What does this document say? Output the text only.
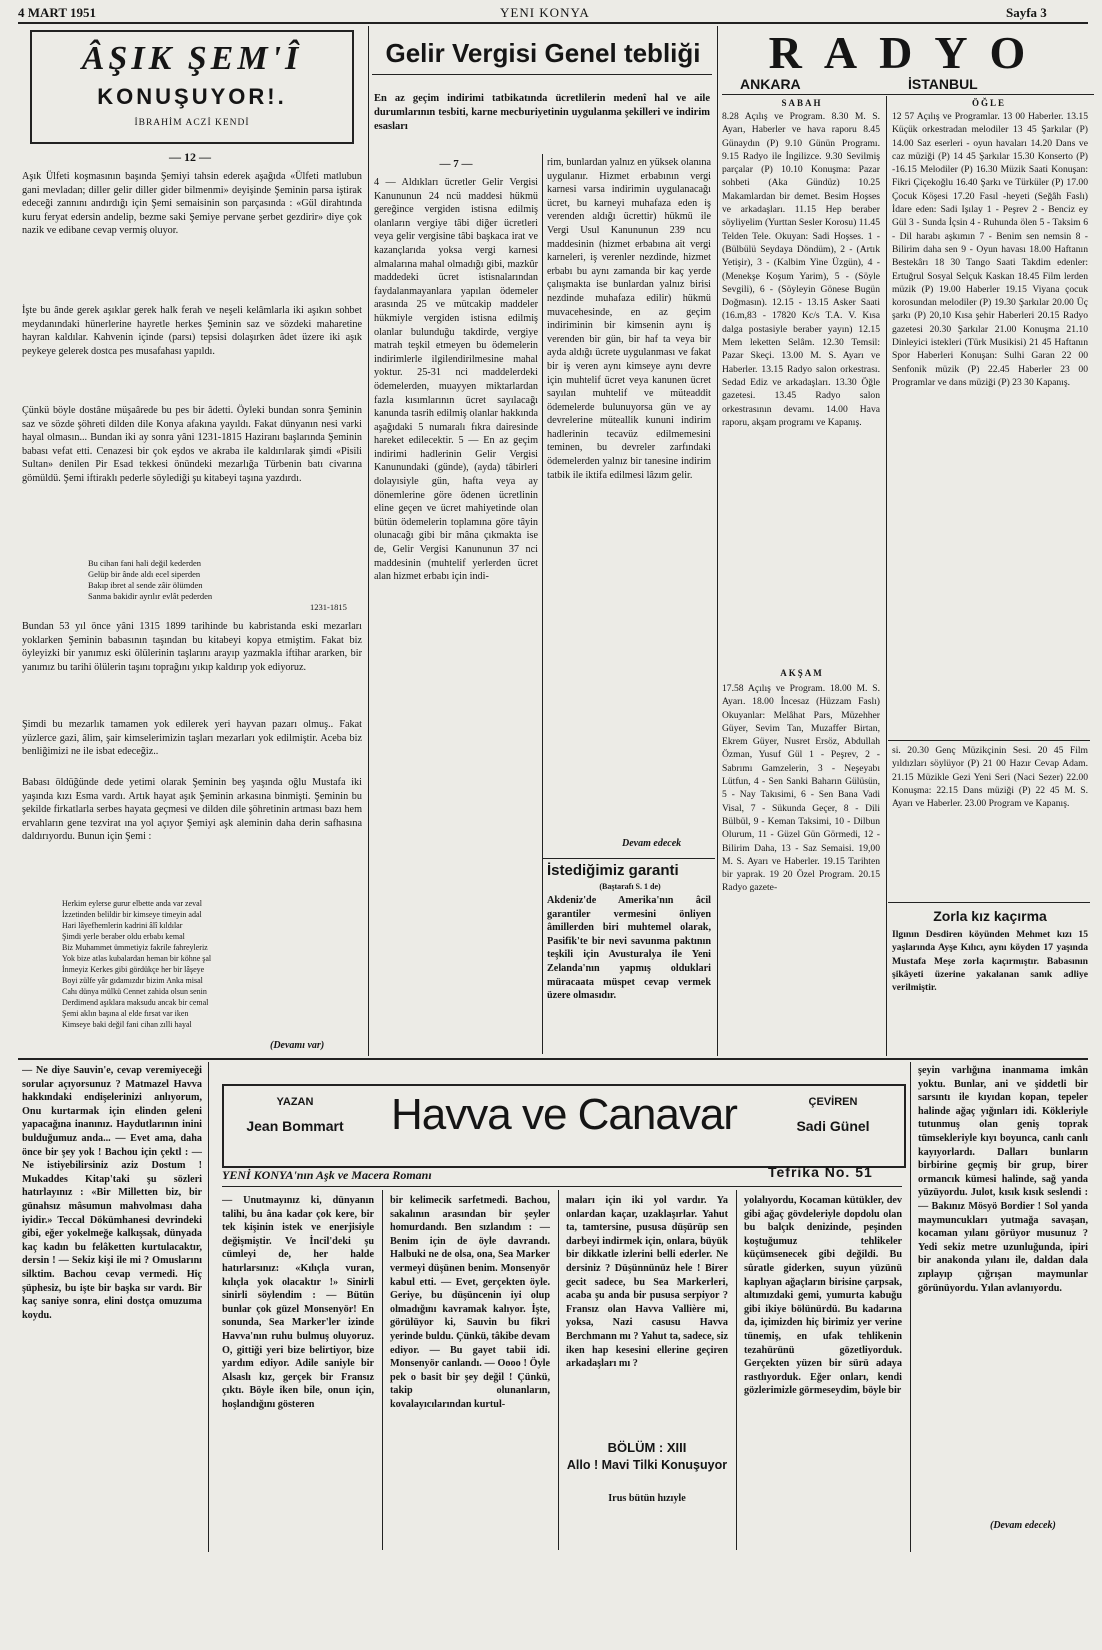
4 MART 1951	YENI KONYA	Sayfa 3
ÂŞIK ŞEM'Î
KONUŞUYOR!.
İBRAHİM ACZİ KENDİ
— 12 —
Aşık Ülfeti koşmasının başında Şemiyi tahsin ederek aşağıda «Ülfeti matlubun gani mevladan; diller gelir diller gider bilmenmi» deyişinde Şeminin parsa iştirak edeceği zannını andırdığı için Şemi semaisinin son parçasında : «Gül dirahtında kuru feryat edersin andelip, bezme saki Şemiye pervane şerbet gezdirir» diye çok nazik ve edibane cevap vermiş oluyor.
İşte bu ânde gerek aşıklar gerek halk ferah ve neşeli kelâmlarla iki aşıkın sohbet meydanındaki hünerlerine hayretle herkes Şeminin saz ve sözdeki maharetine hayran kaldılar. Kahvenin içinde (parsı) tepsisi dolaşırken âdet üzere iki aşık peykeye gelerek dostca pes musafahası yapıldı.
Çünkü böyle dostâne müşaârede bu pes bir âdetti. Öyleki bundan sonra Şeminin saz ve sözde şöhreti dilden dile Konya afakına yayıldı. Fakat dünyanın nesi varki hayal olmasın... Bundan iki ay sonra yâni 1231-1815 Haziranı başlarında Şeminin babası vefat etti. Cenazesi bir çok eşdos ve akraba ile kaldırılarak şimdi «Pisili Sultan» denilen Pir Esad tekkesi önündeki mezarlığa Türbenin batı civarına gömüldü. Şemi iftiraklı pederle söylediği şu kitabeyi taşına yazdırdı.
Bu cihan fani hali değil kederden
Gelüp bir ânde aldı ecel siperden
Bakıp ibret al sende zâir ölümden
Sanma bakidir ayrılır evlât pederden
1231-1815
Bundan 53 yıl önce yâni 1315 1899 tarihinde bu kabristanda eski mezarları yoklarken Şeminin babasının taşından bu kitabeyi kopya etmiştim. Fakat biz öyleyizki bir yanımız eski ölülerinin taşlarını arayıp yazmakla iftihar ararken, bir yanımız bu tarihi ölülerin taşını toprağını yıkıp kaldırıp yok ediyoruz.
Şimdi bu mezarlık tamamen yok edilerek yeri hayvan pazarı olmuş.. Fakat yüzlerce gazi, âlim, şair kimselerimizin taşları mezarları yok edilmiştir. Aceba biz benliğimizi ne ile isbat edeceğiz..
Babası öldüğünde dede yetimi olarak Şeminin beş yaşında oğlu Mustafa iki yaşında kızı Esma vardı. Artık hayat aşık Şeminin arkasına binmişti. Şeminin bu şekilde firkatlarla serbes hayata geçmesi ve dilden dile şöhretinin artması bazı hem ervahların gene tezvirat ına yol açıyor Şemiyi aşk aleminin daha derin safhasına daldırıyordu. Bunun için Şemi :
Herkim eylerse gurur elbette anda var zeval
İzzetinden belildir bir kimseye timeyin adal
Hari lâyefhemlerin kadrini âlî kıldılar
Şimdi yerle beraber oldu erbabı kemal
Biz Muhammet ümmetiyiz fakrile fahreyleriz
Yok bize atlas kubalardan heman bir köhne şal
İnmeyiz Kerkes gibi gördükçe her bir lâşeye
Boyi zülfe yâr gıdamızdır bizim Anka misal
Cahı dünya mülkü Cennet zahida olsun senin
Derdimend aşıklara maksudu ancak bir cemal
Şemi aklın başına al elde fırsat var iken
Kimseye baki değil fani cihan zılli hayal
(Devamı var)
Gelir Vergisi Genel tebliği
En az geçim indirimi tatbikatında ücretlilerin medenî hal ve aile durumlarının tesbiti, karne mecburiyetinin uygulanma şekilleri ve indirim esasları
— 7 —
4 — Aldıkları ücretler Gelir Vergisi Kanununun 24 ncü maddesi hükmü gereğince vergiden istisna edilmiş olanların vergiye tâbi diğer ücretleri veya gelir vergisine tâbi başkaca irat ve kazançlarıda yoksa vergi karnesi almalarına mahal olmadığı gibi, mazkûr maddedeki ücret istisnalarından faydalanmayanlara yapılan ödemeler arasında 25 ve mütcakip maddeler hükmiyle vergiden istisna edilmiş olanlar bulunduğu takdirde, vergiye matrah teşkil etmeyen bu ödemelerin indirimlerle ilgilendirilmesine mahal yoktur. 25-31 nci maddelerdeki ödemelerden, muayyen miktarlardan fazla kısımlarının ücret sayılacağı kanunda tasrih edilmiş olanlar hakkında aşağıdaki 5 numaralı fıkra dairesinde hareket edilecektir. 5 — En az geçim indirimi hadlerinin Gelir Vergisi Kanunundaki (günde), (ayda) tâbirleri dolayısiyle gün, hafta veya ay dönemlerine göre ödenen ücretlinin eline geçen ve ücret mahiyetinde olan bütün ödemelerin toplamına göre tâyin olunacağı gibi bir mâna çıkmakta ise de, Gelir Vergisi Kanununun 37 nci maddesinin (muhtelif yerlerden ücret alan hizmet erbabı için indi-
rim, bunlardan yalnız en yüksek olanına uygulanır. Hizmet erbabının vergi karnesi varsa indirimin uygulanacağı ücret, bu karneyi muhafaza eden iş verenden aldığı ücrettir) hükmü ile Vergi Usul Kanununun 239 ncu maddesinin (hizmet erbabına ait vergi karneleri, iş verenler nezdinde, hizmet erbabı bu aynı zamanda bir kaç yerde çalışmakta ise bunlardan yalnız birisi nezdinde muhafaza edilir) hükmü muvacehesinde, en az geçim indiriminin bir kimsenin aynı iş verenden bir gün, bir haf ta veya bir ayda aldığı ücrete uygulanması ve fakat bir iş veren aynı kimseye aynı devre için muhtelif ücret veya kanunen ücret sayılan muhtelif ve müteaddit ödemelerde bulunuyorsa gün ve ay devrelerine müteallik kununi indirim hadlerinin tecavüz edilmemesini teminen, bu devreler zarfındaki ödemelerden yalnız bir tanesine indirim tatbik ile iktifa edilmesi lâzım gelir.
Devam edecek
İstediğimiz garanti
(Baştarafı S. 1 de)
Akdeniz'de Amerika'nın âcil garantiler vermesini önliyen âmillerden biri muhtemel olarak, Pasifik'te bir nevi savunma paktının teşkili için Avusturalya ile Yeni Zelanda'nın yapmış olduklari müracaata müspet cevap vermek üzere olmasıdır.
RADYO
ANKARA	İSTANBUL
SABAH	ÖĞLE
8.28 Açılış ve Program. 8.30 M. S. Ayarı, Haberler ve hava raporu 8.45 Günaydın (P) 9.10 Günün Programı. 9.15 Radyo ile İngilizce. 9.30 Sevilmiş parçalar (P) 10.10 Konuşma: Pazar sohbeti (Aka Gündüz) 10.25 Makamlardan bir demet. Besim Hoşses ve arkadaşları. 11.15 Hep beraber söyliyelim (Yurttan Sesler Korosu) 11.45 Telden Tele. Okuyan: Sadi Hoşses. 1 - (Bülbülü Seydaya Döndüm), 2 - (Artık Yetişir), 3 - (Kalbim Yine Üzgün), 4 - (Menekşe Koşum Yarim), 5 - (Söyle Sevgili), 6 - (Söyleyin Gönese Bugün Doğmasın). 12.15 - 13.15 Asker Saati (16.m,83 - 17820 Kc/s T.A. V. Kısa dalga postasiyle beraber yayın) 12.15 Mem leketten Selâm. 12.30 Temsil: Pazar Skeçi. 13.00 M. S. Ayarı ve Haberler. 13.15 Radyo salon orkestrası. Sedad Ediz ve arkadaşları. 13.30 Öğle gazetesi. 13.45 Radyo salon orkestrasının devamı. 14.00 Hava raporu, akşam programı ve Kapanış.
AKŞAM
17.58 Açılış ve Program. 18.00 M. S. Ayarı. 18.00 İncesaz (Hüzzam Faslı) Okuyanlar: Melâhat Pars, Müzehher Güyer, Sevim Tan, Muzaffer Birtan, Ekrem Güyer, Nusret Ersöz, Abdullah Özman, Yusuf Gül 1 - Peşrev, 2 - Sabrımı Gamzelerin, 3 - Neşeyabı Lütfun, 4 - Sen Sanki Baharın Gülüsün, 5 - Nay Takısimi, 6 - Sen Bana Vadi Visal, 7 - Sükunda Geçer, 8 - Dili Bülbül, 9 - Keman Taksimi, 10 - Dilbun Olurum, 11 - Güzel Gün Görmedi, 12 - Bilirim Daha, 13 - Saz Semaisi. 19,00 M. S. Ayarı ve Haberler. 19.15 Tarihten bir yaprak. 19 20 Özel Program. 20.15 Radyo gazete-
12 57 Açılış ve Programlar. 13 00 Haberler. 13.15 Küçük orkestradan melodiler 13 45 Şarkılar (P) 14.00 Saz eserleri - oyun havaları 14.20 Dans ve caz müziği (P) 14 45 Şarkılar 15.30 Konserto (P) -16.15 Melodiler (P) 16.30 Müzik Saati Konuşan: Fikri Çiçekoğlu 16.40 Şarkı ve Türküler (P) 17.00 Çocuk Köşesi 17.20 Fasıl -heyeti (Seğâh Faslı) İdare eden: Sadi Işılay 1 - Peşrev 2 - Benciz ey Gül 3 - Sunda İçsin 4 - Ruhunda ölen 5 - Taksim 6 - Dil harabı aşkımın 7 - Benim sen nemsin 8 - Bilirim daha sen 9 - Oyun havası 18.00 Haftanın Bestekârı 18 30 Tango Saati Takdim edenler: Ertuğrul Sosyal Selçuk Kaskan 18.45 Film lerden müzik (P) 19.00 Haberler 19.15 Viyana çocuk korosundan melodiler (P) 19.30 Şarkılar 20.00 Üç şarkı (P) 20,10 Kısa şehir Haberleri 20.15 Radyo gazetesi 20.30 Şarkılar 21.00 Konuşma 21.10 Dinleyici istekleri (Türk Musikisi) 21 45 Haftanın Spor Haberleri Konuşan: Sulhi Garan 22 00 Senfonik müzik (P) 22.45 Haberler 23 00 Programlar ve dans müziği (P) 23 30 Kapanış.
si. 20.30 Genç Müzikçinin Sesi. 20 45 Film yıldızları söylüyor (P) 21 00 Hazır Cevap Adam. 21.15 Müzikle Gezi Yeni Seri (Naci Sezer) 22.00 Konuşma: 22.15 Dans müziği (P) 22 45 M. S. Ayarı ve Haberler. 23.00 Program ve Kapanış.
Zorla kız kaçırma
Ilgının Desdiren köyünden Mehmet kızı 15 yaşlarında Ayşe Kılıcı, aynı köyden 17 yaşında Mustafa Meşe zorla kaçırmıştır. Babasının şikâyeti üzerine yakalanan sanık adliye verilmiştir.
YAZAN
Jean Bommart	Havva ve Canavar	ÇEVİREN
Sadi Günel
YENİ KONYA'nın Aşk ve Macera Romanı	Tefrika No. 51
— Ne diye Sauvin'e, cevap veremiyeceği sorular açıyorsunuz ? Matmazel Havva hakkındaki endişelerinizi anlıyorum, Onu kurtarmak için elinden geleni yapacağına inanınız. Haydutlarının inini bulduğumuz anda... — Evet ama, daha önce bir şey yok ! Bachou için çektl : — Ne istiyebilirsiniz aziz Dostum ! Mukaddes Kitap'taki şu sözleri hatırlayınız : «Bir Milletten biz, bir günahsız mâsumun mahvolması daha iyidir.» Teccal Dökümhanesi devrindeki gibi, eğer yokelmeğe kalkışsak, dünyada kaç kadın bu felâketten kurtulacaktır, dersin ! — Sekiz kişi ile mi ? Omuslarını silktim. Bachou cevap vermedi. Hiç şüphesiz, bu işte bir başka sır vardı. Bir kaç saniye sonra, elini dostça omuzuma koydu.
— Unutmayınız ki, dünyanın talihi, bu âna kadar çok kere, bir tek kişinin istek ve enerjisiyle değişmiştir. Ve İncil'deki şu cümleyi de, her halde hatırlarsınız: «Kılıçla vuran, kılıçla yok olacaktır !» Sinirli sinirli söylendim : — Bütün bunlar çok güzel Monsenyör! En sonunda, Sea Marker'ler izinde Havva'nın ruhu bulmuş oluyoruz. O, gittiği yeri bize belirtiyor, bize yardım ediyor. Adile saniyle bir Alsaslı kız, gerçek bir Fransız çıktı. Böyle iken bile, onun için, hoşlandığını gösteren
bir kelimecik sarfetmedi. Bachou, sakalının arasından bir şeyler homurdandı. Ben sızlandım : — Benim için de öyle davrandı. Halbuki ne de olsa, ona, Sea Marker vermeyi düşünen benim. Monsenyör kabul etti. — Evet, gerçekten öyle. Geriye, bu düşüncenin iyi olup olmadığını kavramak kalıyor. İşte, görülüyor ki, Sauvin bu fikri yerinde buldu. Çünkü, tâkibe devam ediyor. — Bu gayet tabii idi. Monsenyör canlandı. — Oooo ! Öyle pek o basit bir şey değil ! Çünkü, takip olunanların, kovalayıcılarından kurtul-
maları için iki yol vardır. Ya onlardan kaçar, uzaklaşırlar. Yahut ta, tamtersine, pususa düşürüp sen darbeyi indirmek için, onlara, büyük bir dikkatle izlerini belli ederler. Ne dersiniz ? Düşünnünüz hele ! Birer gecit sadece, bu Sea Markerleri, acaba şu anda bir pususa serpiyor ? Fransız olan Havva Vallière mi, yoksa, Nazi casusu Havva Berchmann mı ? Yahut ta, sadece, siz iken hap kesesini ellerine geçiren arkadaşları mı ?
BÖLÜM : XIII
Allo ! Mavi Tilki Konuşuyor
Irus bütün hızıyle
yolalıyordu, Kocaman kütükler, dev gibi ağaç gövdeleriyle dopdolu olan bu balçık denizinde, peşinden koştuğumuz tehlikeler küçümsenecek gibi değildi. Bu sûratle giderken, suyun yüzünü kaplıyan ağaçların birisine çarpsak, altımızdaki gemi, yumurta kabuğu gibi ikiye bölünürdü. Bu kadarına da, içimizden hiç birimiz yer verine tünemiş, en ufak tehlikenin tezahürünü gözetliyorduk. Gerçekten yüzen bir sürü adaya rastlıyorduk. Eğer onları, kendi gözlerimizle görmeseydim, böyle bir
şeyin varlığına inanmama imkân yoktu. Bunlar, ani ve şiddetli bir sarsıntı ile kıyıdan kopan, tepeler halinde ağaç yığınları idi. Kökleriyle tutunmuş olan geniş toprak tümsekleriyle kıyı boyunca, canlı canlı kayıyorlardı. Dalları bunların birbirine geçmiş bir grup, birer ormancık kümesi halinde, sağ yanda yüzüyordu. Julot, kısık kısık seslendi : — Bakınız Mösyö Bordier ! Sol yanda maymuncukları yutmağa savaşan, kocaman yılanı görüyor musunuz ? Yedi sekiz metre uzunluğunda, ipiri bir anakonda yılanı ile, daldan dala zıplayıp çığrışan maymunlar görünüyordu. Yılan avlanıyordu.
(Devam edecek)
